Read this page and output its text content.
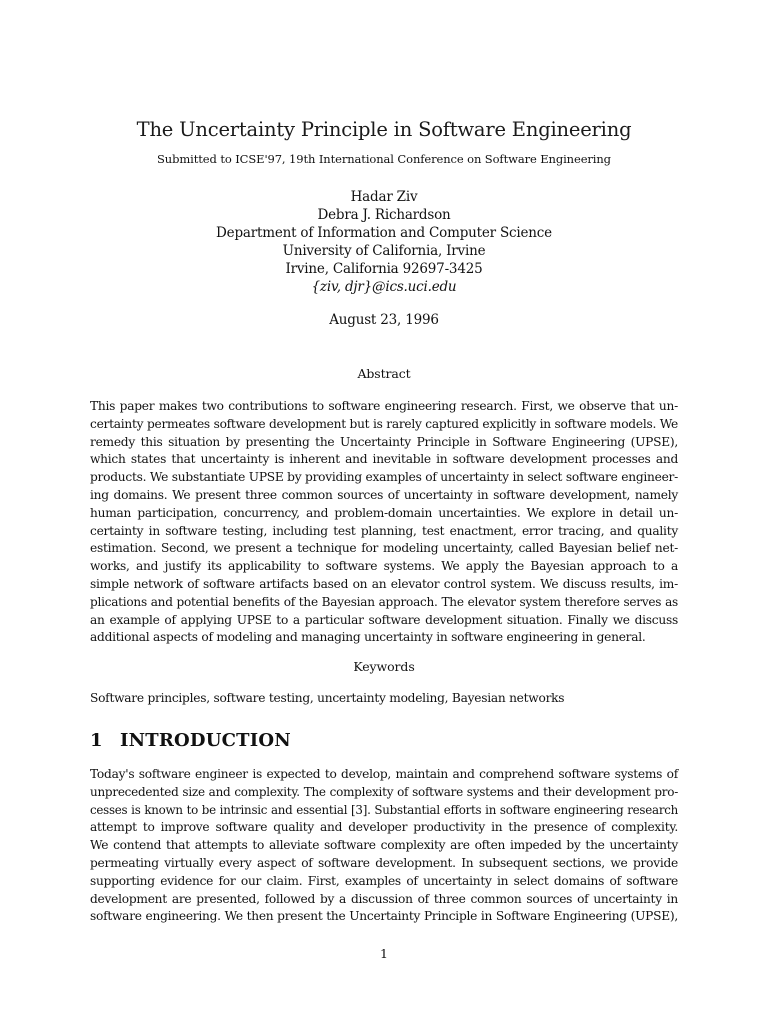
The Uncertainty Principle in Software Engineering
Submitted to ICSE'97, 19th International Conference on Software Engineering
Hadar Ziv
Debra J. Richardson
Department of Information and Computer Science
University of California, Irvine
Irvine, California 92697-3425
{ziv, djr}@ics.uci.edu
August 23, 1996
Abstract
This paper makes two contributions to software engineering research. First, we observe that un-
certainty permeates software development but is rarely captured explicitly in software models. We
remedy this situation by presenting the Uncertainty Principle in Software Engineering (UPSE),
which states that uncertainty is inherent and inevitable in software development processes and
products. We substantiate UPSE by providing examples of uncertainty in select software engineer-
ing domains. We present three common sources of uncertainty in software development, namely
human participation, concurrency, and problem-domain uncertainties. We explore in detail un-
certainty in software testing, including test planning, test enactment, error tracing, and quality
estimation. Second, we present a technique for modeling uncertainty, called Bayesian belief net-
works, and justify its applicability to software systems. We apply the Bayesian approach to a
simple network of software artifacts based on an elevator control system. We discuss results, im-
plications and potential benefits of the Bayesian approach. The elevator system therefore serves as
an example of applying UPSE to a particular software development situation. Finally we discuss
additional aspects of modeling and managing uncertainty in software engineering in general.
Keywords
Software principles, software testing, uncertainty modeling, Bayesian networks
1 INTRODUCTION
Today's software engineer is expected to develop, maintain and comprehend software systems of
unprecedented size and complexity. The complexity of software systems and their development pro-
cesses is known to be intrinsic and essential [3]. Substantial efforts in software engineering research
attempt to improve software quality and developer productivity in the presence of complexity.
We contend that attempts to alleviate software complexity are often impeded by the uncertainty
permeating virtually every aspect of software development. In subsequent sections, we provide
supporting evidence for our claim. First, examples of uncertainty in select domains of software
development are presented, followed by a discussion of three common sources of uncertainty in
software engineering. We then present the Uncertainty Principle in Software Engineering (UPSE),
1
